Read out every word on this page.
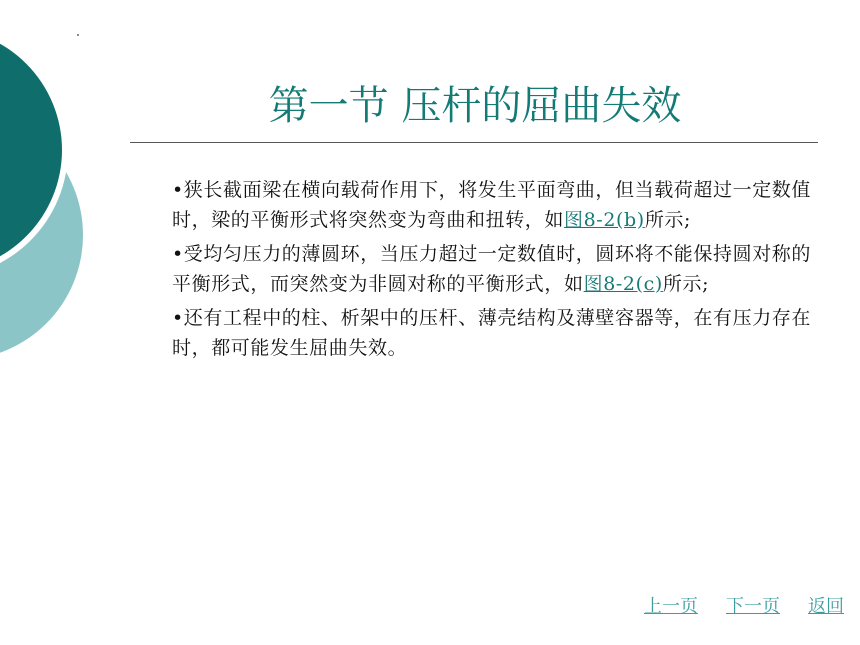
第一节 压杆的屈曲失效

•狭长截面梁在横向载荷作用下，将发生平面弯曲，但当载荷超过一定数值时，梁的平衡形式将突然变为弯曲和扭转，如图8-2(b)所示;

•受均匀压力的薄圆环，当压力超过一定数值时，圆环将不能保持圆对称的平衡形式，而突然变为非圆对称的平衡形式，如图8-2(c)所示;

•还有工程中的柱、析架中的压杆、薄壳结构及薄壁容器等，在有压力存在时，都可能发生屈曲失效。

上一页 下一页 返回
